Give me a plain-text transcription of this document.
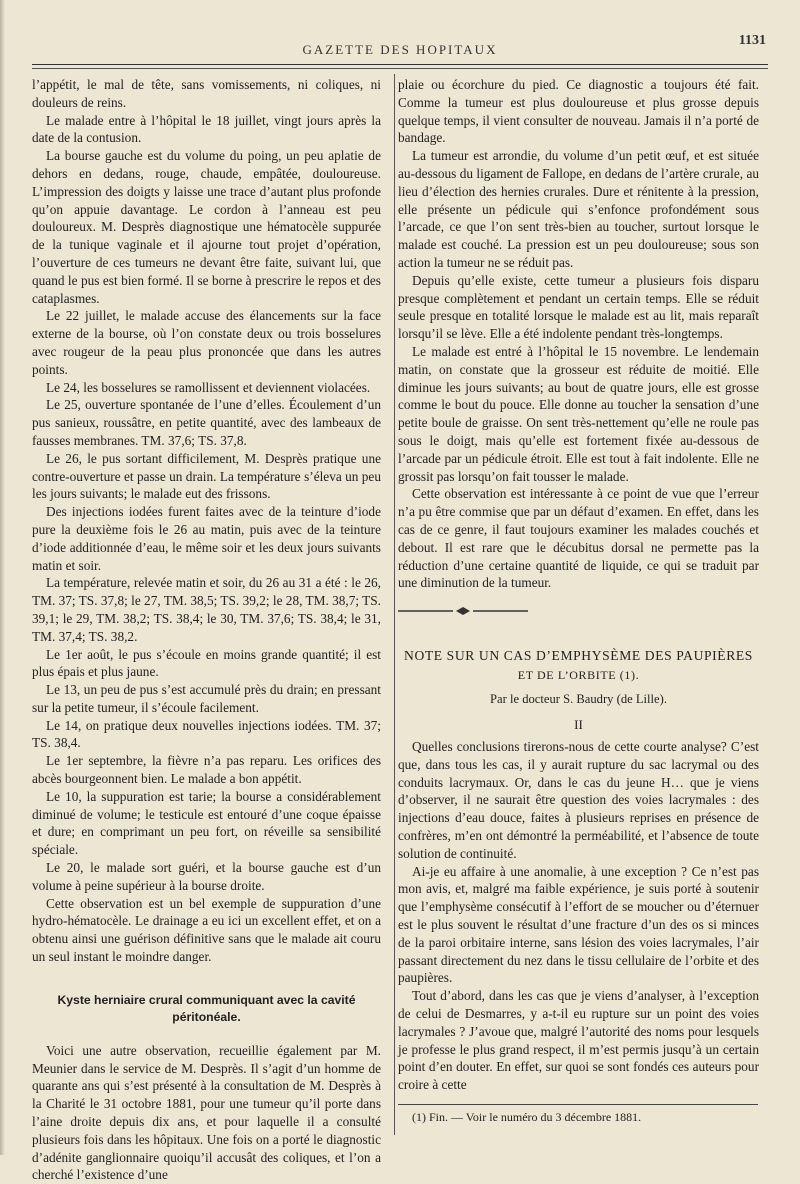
GAZETTE DES HOPITAUX
1131

l’appétit, le mal de tête, sans vomissements, ni coliques, ni douleurs de reins.

Le malade entre à l’hôpital le 18 juillet, vingt jours après la date de la contusion.

La bourse gauche est du volume du poing, un peu aplatie de dehors en dedans, rouge, chaude, empâtée, douloureuse. L’impression des doigts y laisse une trace d’autant plus profonde qu’on appuie davantage. Le cordon à l’anneau est peu douloureux. M. Desprès diagnostique une hématocèle suppurée de la tunique vaginale et il ajourne tout projet d’opération, l’ouverture de ces tumeurs ne devant être faite, suivant lui, que quand le pus est bien formé. Il se borne à prescrire le repos et des cataplasmes.

Le 22 juillet, le malade accuse des élancements sur la face externe de la bourse, où l’on constate deux ou trois bosselures avec rougeur de la peau plus prononcée que dans les autres points.

Le 24, les bosselures se ramollissent et deviennent violacées.

Le 25, ouverture spontanée de l’une d’elles. Écoulement d’un pus sanieux, roussâtre, en petite quantité, avec des lambeaux de fausses membranes. TM. 37,6; TS. 37,8.

Le 26, le pus sortant difficilement, M. Desprès pratique une contre-ouverture et passe un drain. La température s’éleva un peu les jours suivants; le malade eut des frissons.

Des injections iodées furent faites avec de la teinture d’iode pure la deuxième fois le 26 au matin, puis avec de la teinture d’iode additionnée d’eau, le même soir et les deux jours suivants matin et soir.

La température, relevée matin et soir, du 26 au 31 a été : le 26, TM. 37; TS. 37,8; le 27, TM. 38,5; TS. 39,2; le 28, TM. 38,7; TS. 39,1; le 29, TM. 38,2; TS. 38,4; le 30, TM. 37,6; TS. 38,4; le 31, TM. 37,4; TS. 38,2.

Le 1er août, le pus s’écoule en moins grande quantité; il est plus épais et plus jaune.

Le 13, un peu de pus s’est accumulé près du drain; en pressant sur la petite tumeur, il s’écoule facilement.

Le 14, on pratique deux nouvelles injections iodées. TM. 37; TS. 38,4.

Le 1er septembre, la fièvre n’a pas reparu. Les orifices des abcès bourgeonnent bien. Le malade a bon appétit.

Le 10, la suppuration est tarie; la bourse a considérablement diminué de volume; le testicule est entouré d’une coque épaisse et dure; en comprimant un peu fort, on réveille sa sensibilité spéciale.

Le 20, le malade sort guéri, et la bourse gauche est d’un volume à peine supérieur à la bourse droite.

Cette observation est un bel exemple de suppuration d’une hydro-hématocèle. Le drainage a eu ici un excellent effet, et on a obtenu ainsi une guérison définitive sans que le malade ait couru un seul instant le moindre danger.

Kyste herniaire crural communiquant avec la cavité péritonéale.

Voici une autre observation, recueillie également par M. Meunier dans le service de M. Desprès. Il s’agit d’un homme de quarante ans qui s’est présenté à la consultation de M. Desprès à la Charité le 31 octobre 1881, pour une tumeur qu’il porte dans l’aine droite depuis dix ans, et pour laquelle il a consulté plusieurs fois dans les hôpitaux. Une fois on a porté le diagnostic d’adénite ganglionnaire quoiqu’il accusât des coliques, et l’on a cherché l’existence d’une

plaie ou écorchure du pied. Ce diagnostic a toujours été fait. Comme la tumeur est plus douloureuse et plus grosse depuis quelque temps, il vient consulter de nouveau. Jamais il n’a porté de bandage.

La tumeur est arrondie, du volume d’un petit œuf, et est située au-dessous du ligament de Fallope, en dedans de l’artère crurale, au lieu d’élection des hernies crurales. Dure et rénitente à la pression, elle présente un pédicule qui s’enfonce profondément sous l’arcade, ce que l’on sent très-bien au toucher, surtout lorsque le malade est couché. La pression est un peu douloureuse; sous son action la tumeur ne se réduit pas.

Depuis qu’elle existe, cette tumeur a plusieurs fois disparu presque complètement et pendant un certain temps. Elle se réduit seule presque en totalité lorsque le malade est au lit, mais reparaît lorsqu’il se lève. Elle a été indolente pendant très-longtemps.

Le malade est entré à l’hôpital le 15 novembre. Le lendemain matin, on constate que la grosseur est réduite de moitié. Elle diminue les jours suivants; au bout de quatre jours, elle est grosse comme le bout du pouce. Elle donne au toucher la sensation d’une petite boule de graisse. On sent très-nettement qu’elle ne roule pas sous le doigt, mais qu’elle est fortement fixée au-dessous de l’arcade par un pédicule étroit. Elle est tout à fait indolente. Elle ne grossit pas lorsqu’on fait tousser le malade.

Cette observation est intéressante à ce point de vue que l’erreur n’a pu être commise que par un défaut d’examen. En effet, dans les cas de ce genre, il faut toujours examiner les malades couchés et debout. Il est rare que le décubitus dorsal ne permette pas la réduction d’une certaine quantité de liquide, ce qui se traduit par une diminution de la tumeur.

NOTE SUR UN CAS D’EMPHYSÈME DES PAUPIÈRES
ET DE L’ORBITE (1).
Par le docteur S. Baudry (de Lille).
II

Quelles conclusions tirerons-nous de cette courte analyse? C’est que, dans tous les cas, il y aurait rupture du sac lacrymal ou des conduits lacrymaux. Or, dans le cas du jeune H… que je viens d’observer, il ne saurait être question des voies lacrymales : des injections d’eau douce, faites à plusieurs reprises en présence de confrères, m’en ont démontré la perméabilité, et l’absence de toute solution de continuité.

Ai-je eu affaire à une anomalie, à une exception ? Ce n’est pas mon avis, et, malgré ma faible expérience, je suis porté à soutenir que l’emphysème consécutif à l’effort de se moucher ou d’éternuer est le plus souvent le résultat d’une fracture d’un des os si minces de la paroi orbitaire interne, sans lésion des voies lacrymales, l’air passant directement du nez dans le tissu cellulaire de l’orbite et des paupières.

Tout d’abord, dans les cas que je viens d’analyser, à l’exception de celui de Desmarres, y a-t-il eu rupture sur un point des voies lacrymales ? J’avoue que, malgré l’autorité des noms pour lesquels je professe le plus grand respect, il m’est permis jusqu’à un certain point d’en douter. En effet, sur quoi se sont fondés ces auteurs pour croire à cette

(1) Fin. — Voir le numéro du 3 décembre 1881.
